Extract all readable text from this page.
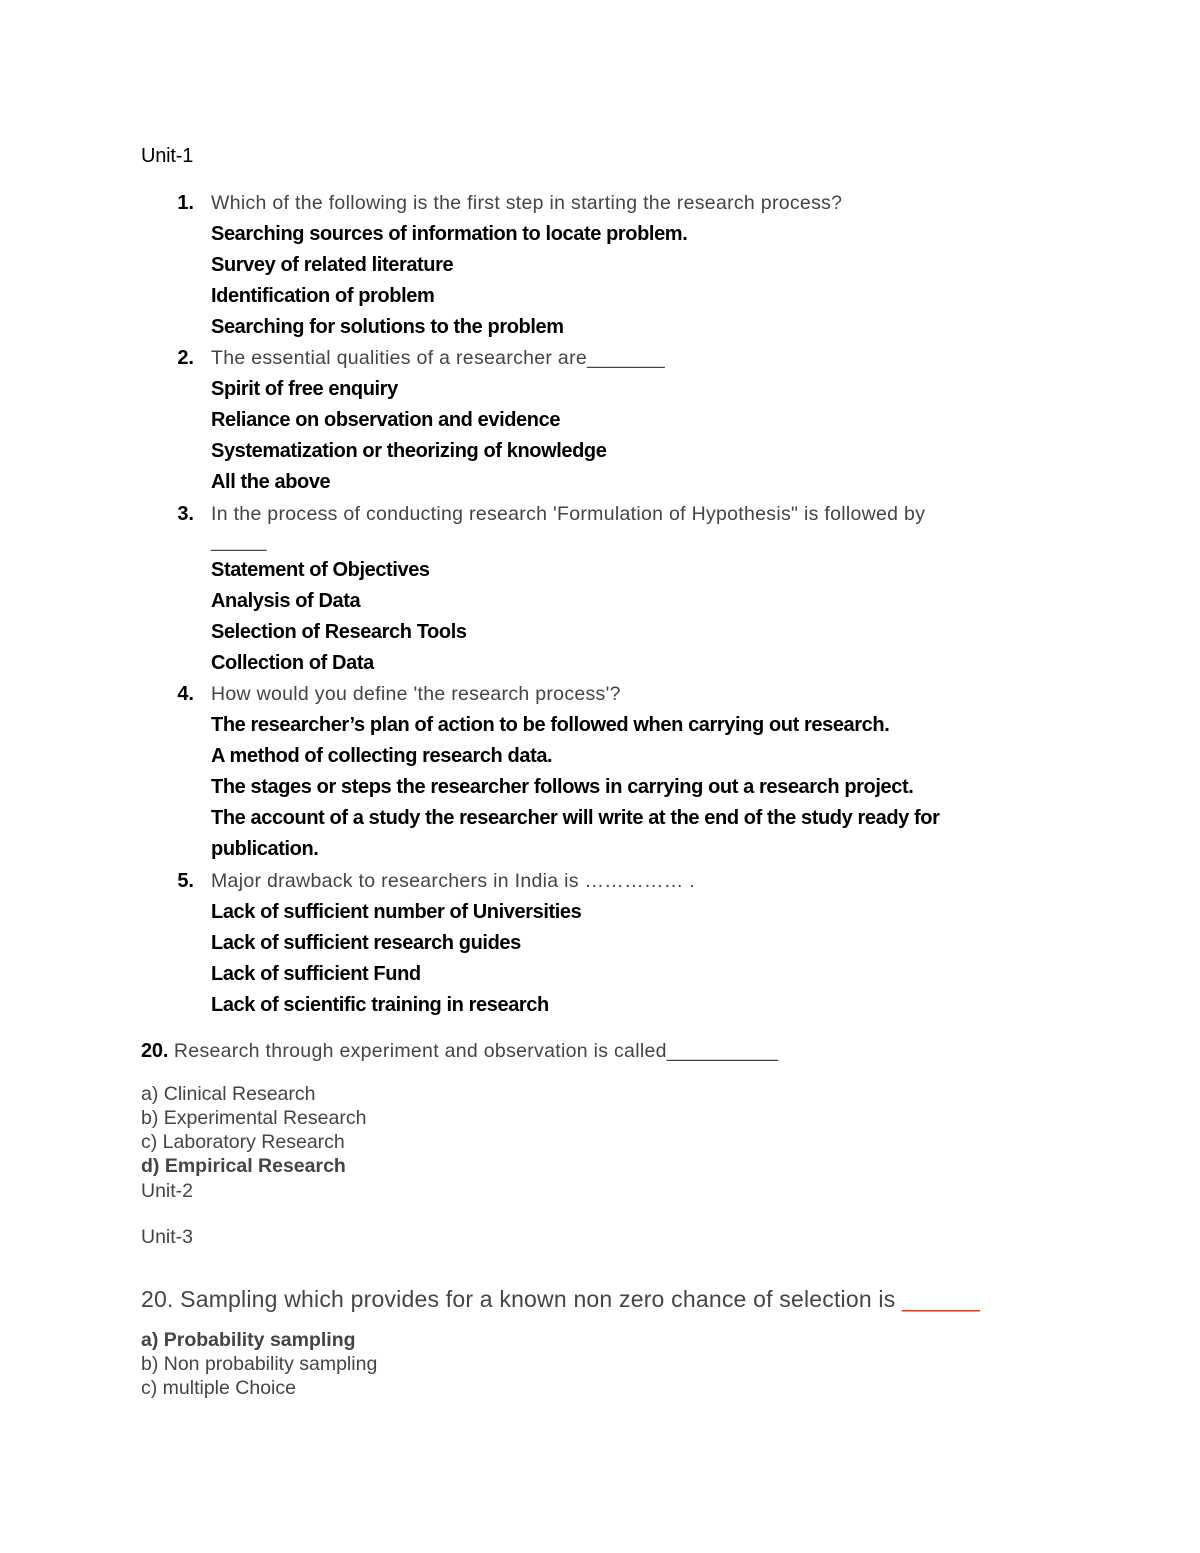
Unit-1
1. Which of the following is the first step in starting the research process?
Searching sources of information to locate problem.
Survey of related literature
Identification of problem
Searching for solutions to the problem
2. The essential qualities of a researcher are_______
Spirit of free enquiry
Reliance on observation and evidence
Systematization or theorizing of knowledge
All the above
3. In the process of conducting research 'Formulation of Hypothesis" is followed by
_____
Statement of Objectives
Analysis of Data
Selection of Research Tools
Collection of Data
4. How would you define 'the research process'?
The researcher’s plan of action to be followed when carrying out research.
A method of collecting research data.
The stages or steps the researcher follows in carrying out a research project.
The account of a study the researcher will write at the end of the study ready for
publication.
5. Major drawback to researchers in India is …………… .
Lack of sufficient number of Universities
Lack of sufficient research guides
Lack of sufficient Fund
Lack of scientific training in research
20. Research through experiment and observation is called__________
a) Clinical Research
b) Experimental Research
c) Laboratory Research
d) Empirical Research
Unit-2
Unit-3
20. Sampling which provides for a known non zero chance of selection is ______
a) Probability sampling
b) Non probability sampling
c) multiple Choice
